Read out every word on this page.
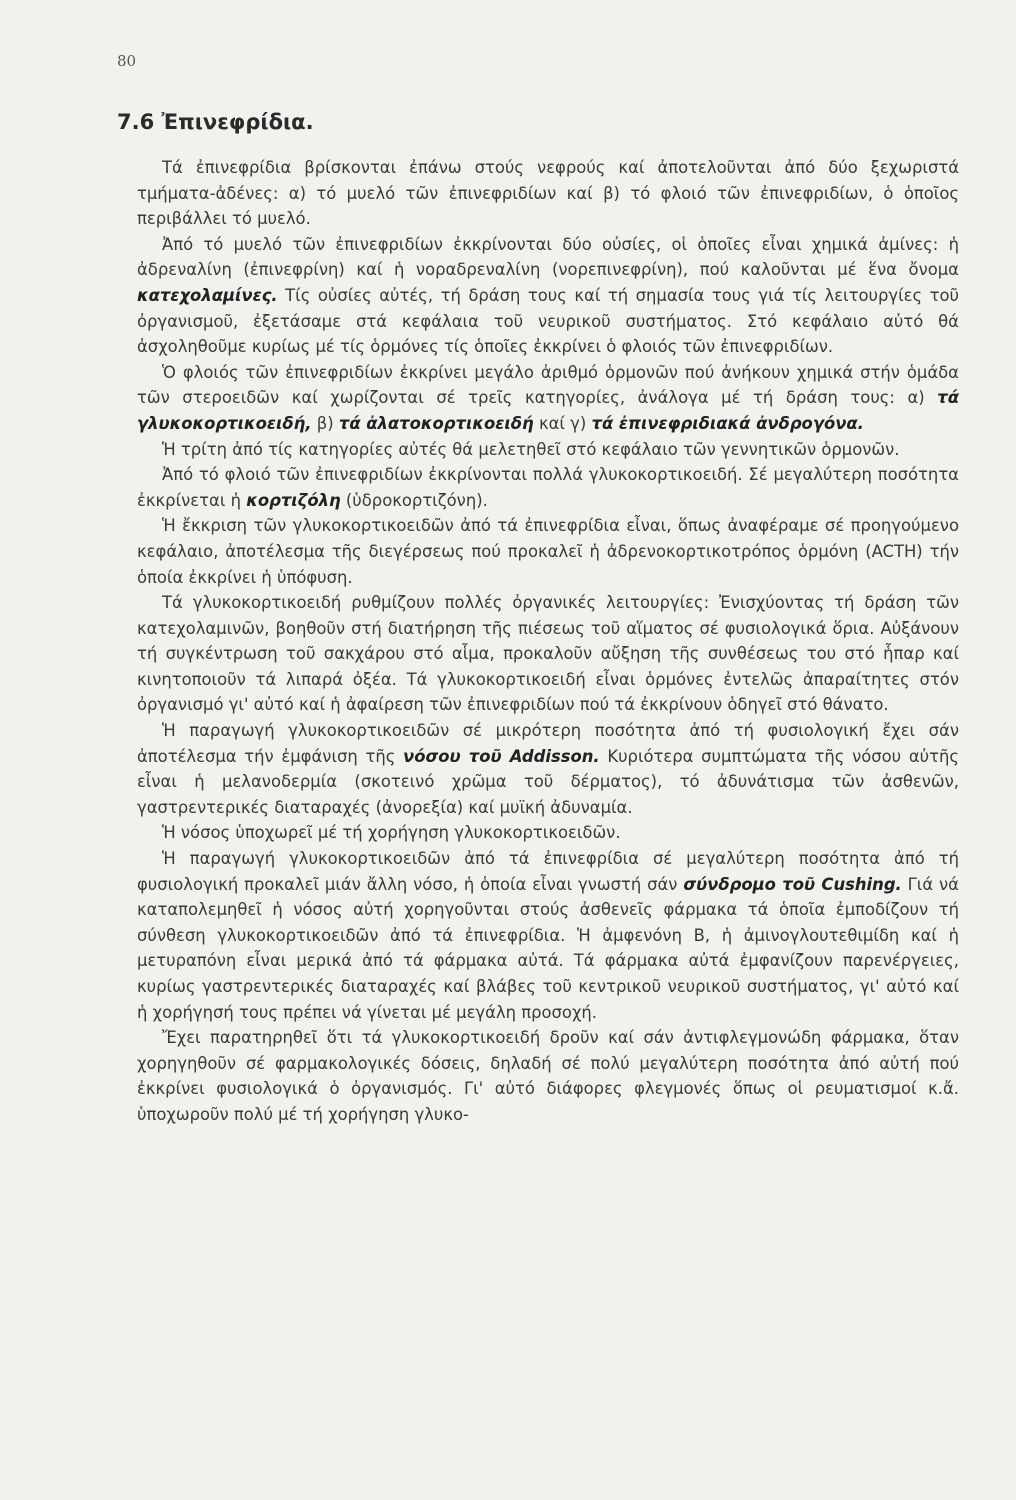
80
7.6 Ἐπινεφρίδια.

Τά ἐπινεφρίδια βρίσκονται ἐπάνω στούς νεφρούς καί ἀποτελοῦνται ἀπό δύο ξεχωριστά τμήματα-ἀδένες: α) τό μυελό τῶν ἐπινεφριδίων καί β) τό φλοιό τῶν ἐπινεφριδίων, ὁ ὁποῖος περιβάλλει τό μυελό.

Ἀπό τό μυελό τῶν ἐπινεφριδίων ἐκκρίνονται δύο οὐσίες, οἱ ὁποῖες εἶναι χημικά ἀμίνες: ἡ ἀδρεναλίνη (ἐπινεφρίνη) καί ἡ νοραδρεναλίνη (νορεπινεφρίνη), πού καλοῦνται μέ ἕνα ὄνομα κατεχολαμίνες. Τίς οὐσίες αὐτές, τή δράση τους καί τή σημασία τους γιά τίς λειτουργίες τοῦ ὀργανισμοῦ, ἐξετάσαμε στά κεφάλαια τοῦ νευρικοῦ συστήματος. Στό κεφάλαιο αὐτό θά ἀσχοληθοῦμε κυρίως μέ τίς ὁρμόνες τίς ὁποῖες ἐκκρίνει ὁ φλοιός τῶν ἐπινεφριδίων.

Ὁ φλοιός τῶν ἐπινεφριδίων ἐκκρίνει μεγάλο ἀριθμό ὁρμονῶν πού ἀνήκουν χημικά στήν ὁμάδα τῶν στεροειδῶν καί χωρίζονται σέ τρεῖς κατηγορίες, ἀνάλογα μέ τή δράση τους: α) τά γλυκοκορτικοειδή, β) τά ἀλατοκορτικοειδή καί γ) τά ἐπινεφριδιακά ἀνδρογόνα.

Ἡ τρίτη ἀπό τίς κατηγορίες αὐτές θά μελετηθεῖ στό κεφάλαιο τῶν γεννητικῶν ὁρμονῶν.

Ἀπό τό φλοιό τῶν ἐπινεφριδίων ἐκκρίνονται πολλά γλυκοκορτικοειδή. Σέ μεγαλύτερη ποσότητα ἐκκρίνεται ἡ κορτιζόλη (ὑδροκορτιζόνη).

Ἡ ἔκκριση τῶν γλυκοκορτικοειδῶν ἀπό τά ἐπινεφρίδια εἶναι, ὅπως ἀναφέραμε σέ προηγούμενο κεφάλαιο, ἀποτέλεσμα τῆς διεγέρσεως πού προκαλεῖ ἡ ἀδρενοκορτικοτρόπος ὁρμόνη (ACTH) τήν ὁποία ἐκκρίνει ἡ ὑπόφυση.

Τά γλυκοκορτικοειδή ρυθμίζουν πολλές ὀργανικές λειτουργίες: Ἐνισχύοντας τή δράση τῶν κατεχολαμινῶν, βοηθοῦν στή διατήρηση τῆς πιέσεως τοῦ αἵματος σέ φυσιολογικά ὅρια. Αὐξάνουν τή συγκέντρωση τοῦ σακχάρου στό αἷμα, προκαλοῦν αὔξηση τῆς συνθέσεως του στό ἧπαρ καί κινητοποιοῦν τά λιπαρά ὀξέα. Τά γλυκοκορτικοειδή εἶναι ὁρμόνες ἐντελῶς ἀπαραίτητες στόν ὀργανισμό γι' αὐτό καί ἡ ἀφαίρεση τῶν ἐπινεφριδίων πού τά ἐκκρίνουν ὁδηγεῖ στό θάνατο.

Ἡ παραγωγή γλυκοκορτικοειδῶν σέ μικρότερη ποσότητα ἀπό τή φυσιολογική ἔχει σάν ἀποτέλεσμα τήν ἐμφάνιση τῆς νόσου τοῦ Addisson. Κυριότερα συμπτώματα τῆς νόσου αὐτῆς εἶναι ἡ μελανοδερμία (σκοτεινό χρῶμα τοῦ δέρματος), τό ἀδυνάτισμα τῶν ἀσθενῶν, γαστρεντερικές διαταραχές (ἀνορεξία) καί μυϊκή ἀδυναμία.

Ἡ νόσος ὑποχωρεῖ μέ τή χορήγηση γλυκοκορτικοειδῶν.

Ἡ παραγωγή γλυκοκορτικοειδῶν ἀπό τά ἐπινεφρίδια σέ μεγαλύτερη ποσότητα ἀπό τή φυσιολογική προκαλεῖ μιάν ἄλλη νόσο, ἡ ὁποία εἶναι γνωστή σάν σύνδρομο τοῦ Cushing. Γιά νά καταπολεμηθεῖ ἡ νόσος αὐτή χορηγοῦνται στούς ἀσθενεῖς φάρμακα τά ὁποῖα ἐμποδίζουν τή σύνθεση γλυκοκορτικοειδῶν ἀπό τά ἐπινεφρίδια. Ἡ ἀμφενόνη Β, ἡ ἀμινογλουτεθιμίδη καί ἡ μετυραπόνη εἶναι μερικά ἀπό τά φάρμακα αὐτά. Τά φάρμακα αὐτά ἐμφανίζουν παρενέργειες, κυρίως γαστρεντερικές διαταραχές καί βλάβες τοῦ κεντρικοῦ νευρικοῦ συστήματος, γι' αὐτό καί ἡ χορήγησή τους πρέπει νά γίνεται μέ μεγάλη προσοχή.

Ἔχει παρατηρηθεῖ ὅτι τά γλυκοκορτικοειδή δροῦν καί σάν ἀντιφλεγμονώδη φάρμακα, ὅταν χορηγηθοῦν σέ φαρμακολογικές δόσεις, δηλαδή σέ πολύ μεγαλύτερη ποσότητα ἀπό αὐτή πού ἐκκρίνει φυσιολογικά ὁ ὀργανισμός. Γι' αὐτό διάφορες φλεγμονές ὅπως οἱ ρευματισμοί κ.ἄ. ὑποχωροῦν πολύ μέ τή χορήγηση γλυκο-
